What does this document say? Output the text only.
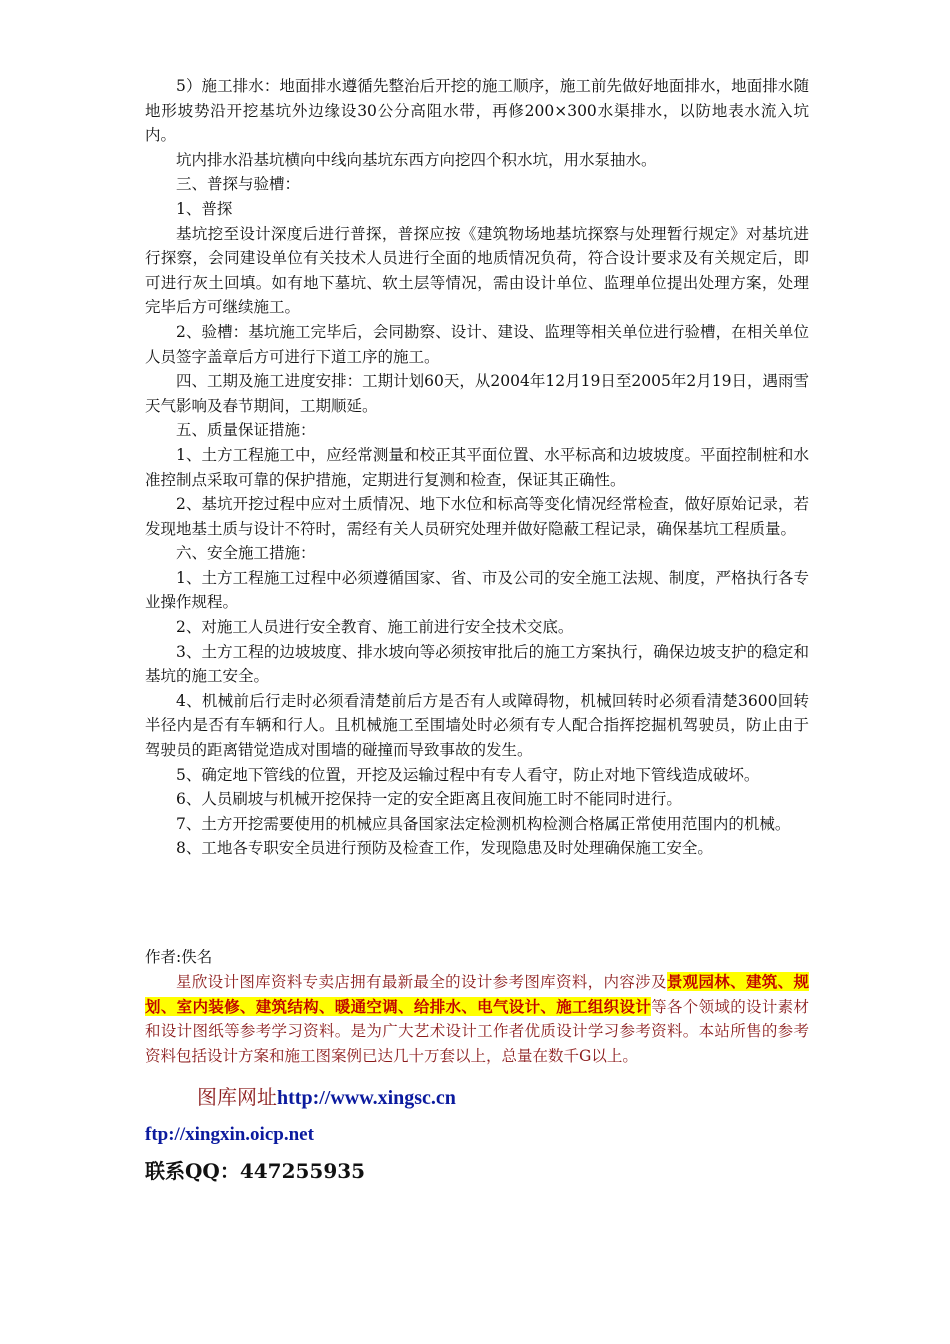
5）施工排水：地面排水遵循先整治后开挖的施工顺序，施工前先做好地面排水，地面排水随地形坡势沿开挖基坑外边缘设30公分高阻水带，再修200×300水渠排水，以防地表水流入坑内。

坑内排水沿基坑横向中线向基坑东西方向挖四个积水坑，用水泵抽水。

三、普探与验槽：

1、普探

基坑挖至设计深度后进行普探，普探应按《建筑物场地基坑探察与处理暂行规定》对基坑进行探察，会同建设单位有关技术人员进行全面的地质情况负荷，符合设计要求及有关规定后，即可进行灰土回填。如有地下墓坑、软土层等情况，需由设计单位、监理单位提出处理方案，处理完毕后方可继续施工。

2、验槽：基坑施工完毕后，会同勘察、设计、建设、监理等相关单位进行验槽，在相关单位人员签字盖章后方可进行下道工序的施工。

四、工期及施工进度安排：工期计划60天，从2004年12月19日至2005年2月19日，遇雨雪天气影响及春节期间，工期顺延。

五、质量保证措施：

1、土方工程施工中，应经常测量和校正其平面位置、水平标高和边坡坡度。平面控制桩和水准控制点采取可靠的保护措施，定期进行复测和检查，保证其正确性。

2、基坑开挖过程中应对土质情况、地下水位和标高等变化情况经常检查，做好原始记录，若发现地基土质与设计不符时，需经有关人员研究处理并做好隐蔽工程记录，确保基坑工程质量。

六、安全施工措施：

1、土方工程施工过程中必须遵循国家、省、市及公司的安全施工法规、制度，严格执行各专业操作规程。

2、对施工人员进行安全教育、施工前进行安全技术交底。

3、土方工程的边坡坡度、排水坡向等必须按审批后的施工方案执行，确保边坡支护的稳定和基坑的施工安全。

4、机械前后行走时必须看清楚前后方是否有人或障碍物，机械回转时必须看清楚3600回转半径内是否有车辆和行人。且机械施工至围墙处时必须有专人配合指挥挖掘机驾驶员，防止由于驾驶员的距离错觉造成对围墙的碰撞而导致事故的发生。

5、确定地下管线的位置，开挖及运输过程中有专人看守，防止对地下管线造成破坏。

6、人员刷坡与机械开挖保持一定的安全距离且夜间施工时不能同时进行。

7、土方开挖需要使用的机械应具备国家法定检测机构检测合格属正常使用范围内的机械。

8、工地各专职安全员进行预防及检查工作，发现隐患及时处理确保施工安全。

作者:佚名

星欣设计图库资料专卖店拥有最新最全的设计参考图库资料，内容涉及景观园林、建筑、规划、室内装修、建筑结构、暖通空调、给排水、电气设计、施工组织设计等各个领域的设计素材和设计图纸等参考学习资料。是为广大艺术设计工作者优质设计学习参考资料。本站所售的参考资料包括设计方案和施工图案例已达几十万套以上，总量在数千G以上。

图库网址http://www.xingsc.cn

ftp://xingxin.oicp.net

联系QQ：447255935
